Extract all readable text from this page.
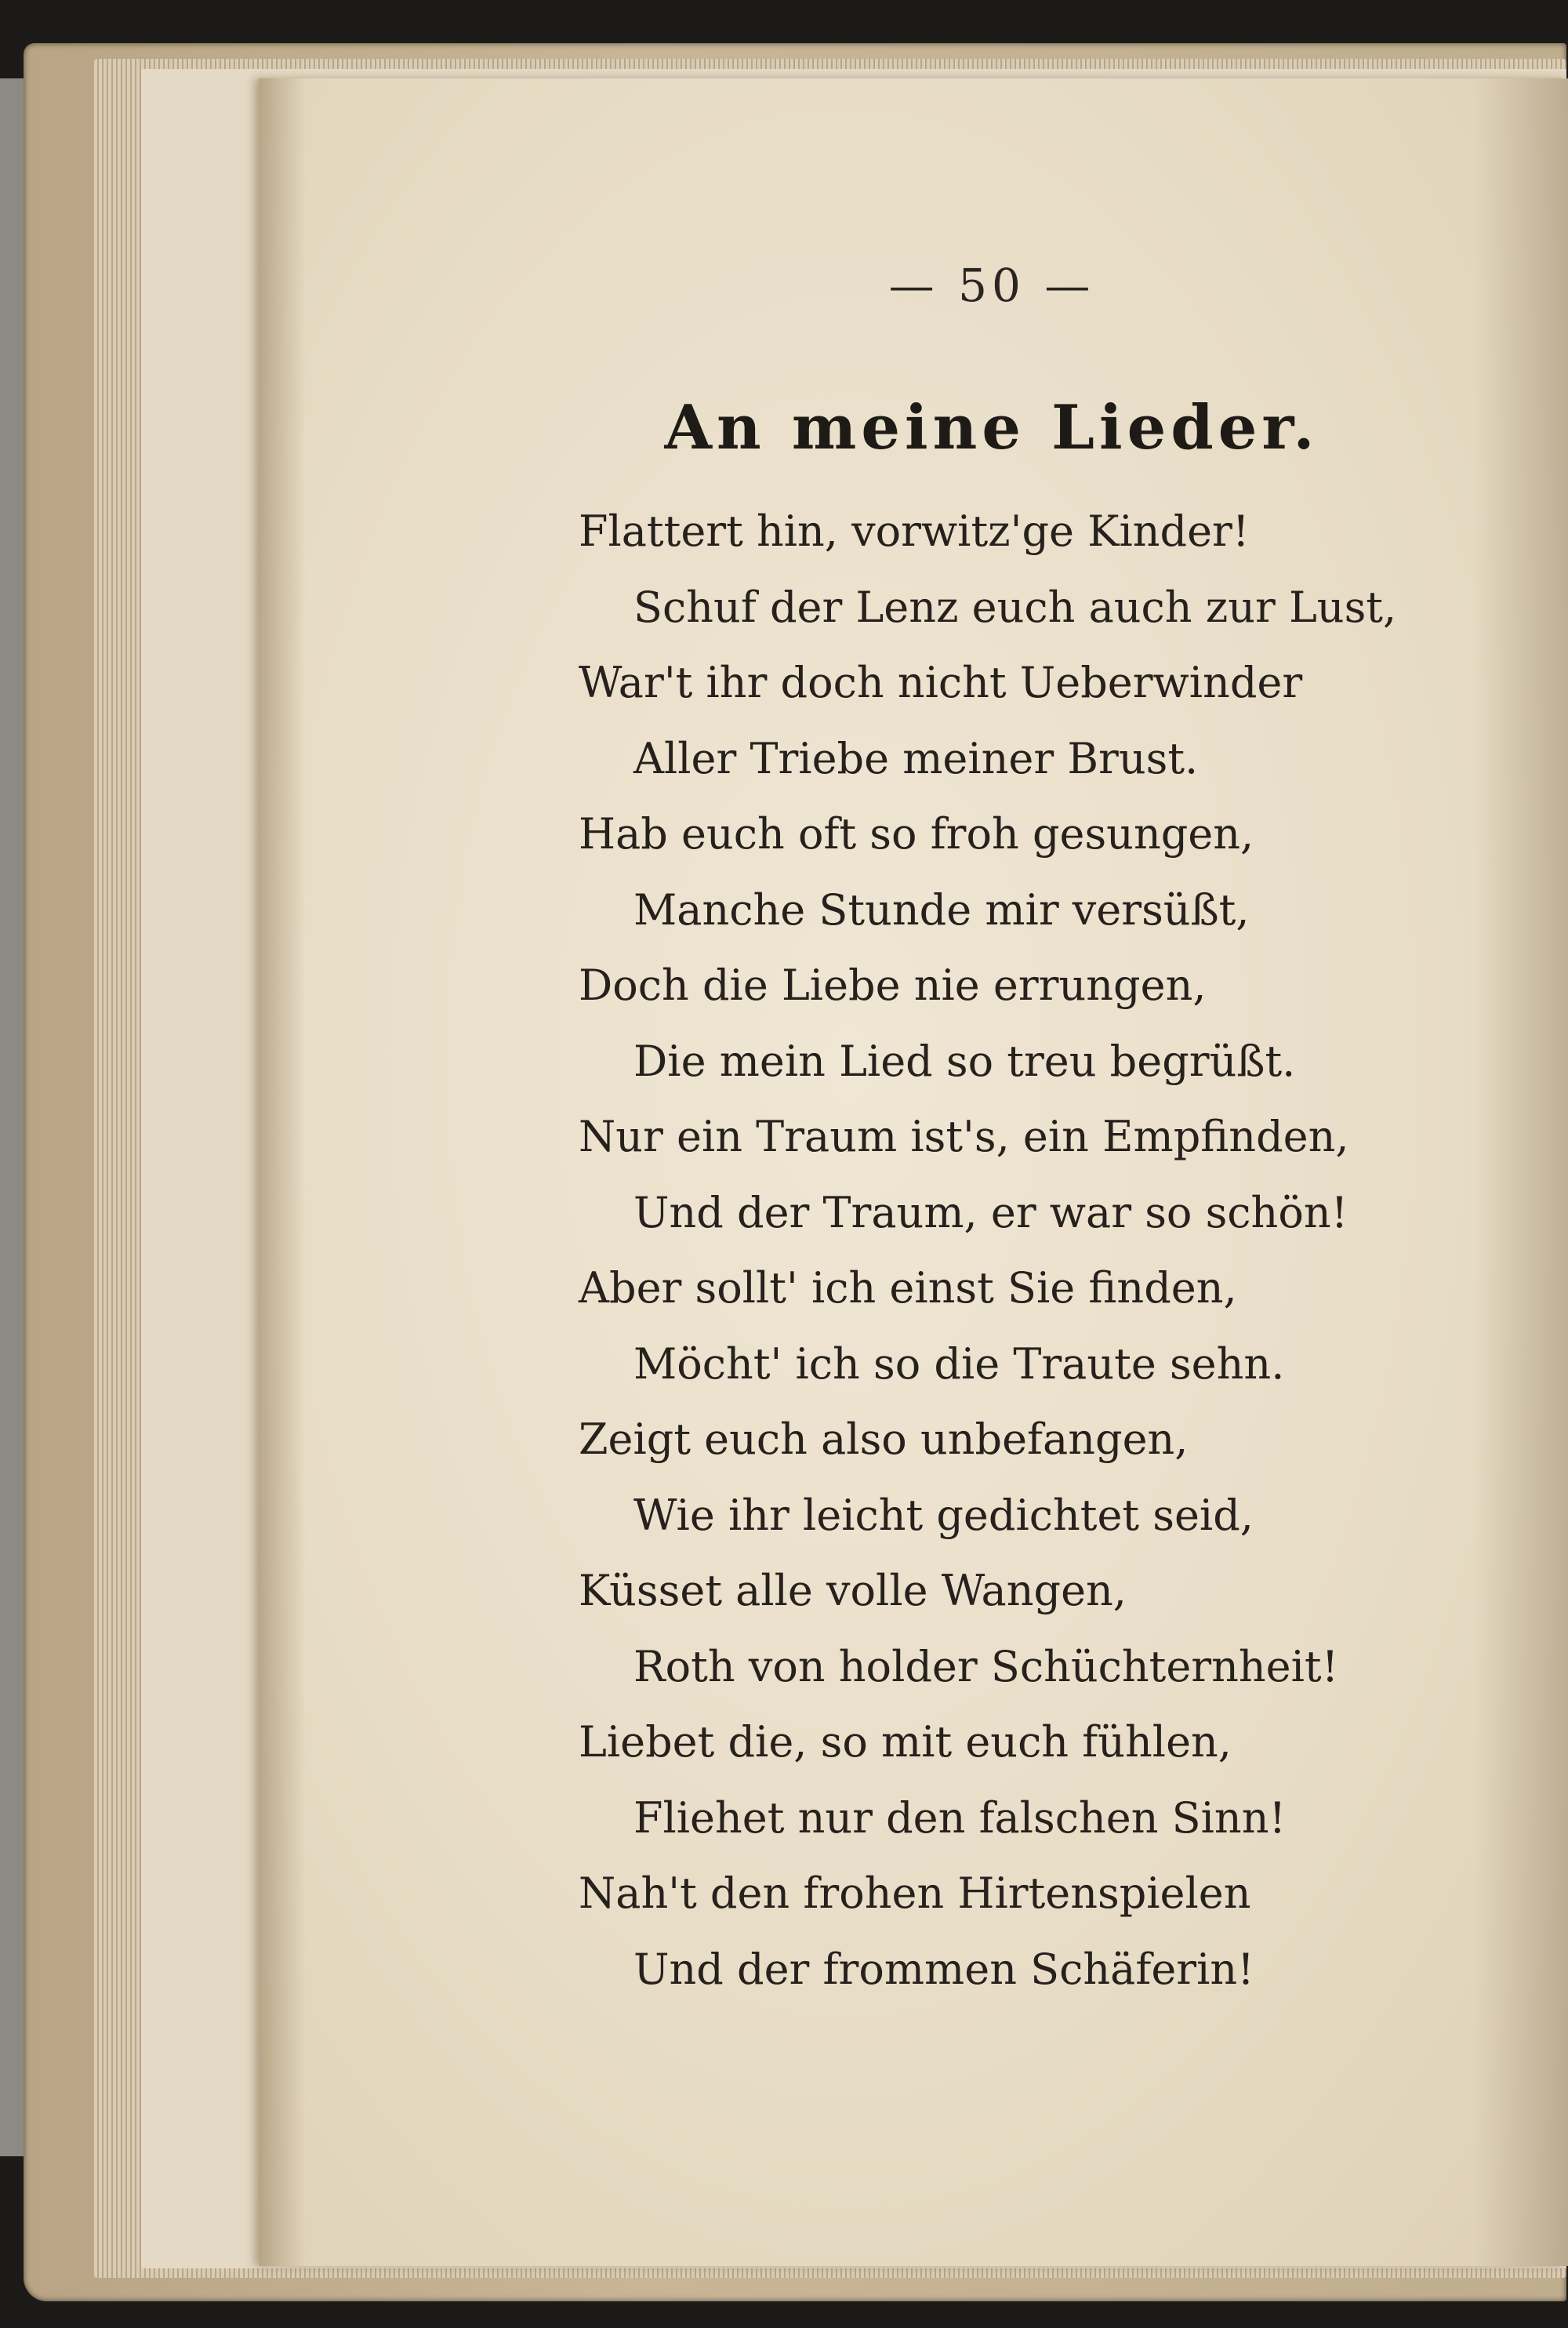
— 50 —
An meine Lieder.
Flattert hin, vorwitz'ge Kinder!
Schuf der Lenz euch auch zur Lust,
War't ihr doch nicht Ueberwinder
Aller Triebe meiner Brust.
Hab euch oft so froh gesungen,
Manche Stunde mir versüßt,
Doch die Liebe nie errungen,
Die mein Lied so treu begrüßt.
Nur ein Traum ist's, ein Empfinden,
Und der Traum, er war so schön!
Aber sollt' ich einst Sie finden,
Möcht' ich so die Traute sehn.
Zeigt euch also unbefangen,
Wie ihr leicht gedichtet seid,
Küsset alle volle Wangen,
Roth von holder Schüchternheit!
Liebet die, so mit euch fühlen,
Fliehet nur den falschen Sinn!
Nah't den frohen Hirtenspielen
Und der frommen Schäferin!
